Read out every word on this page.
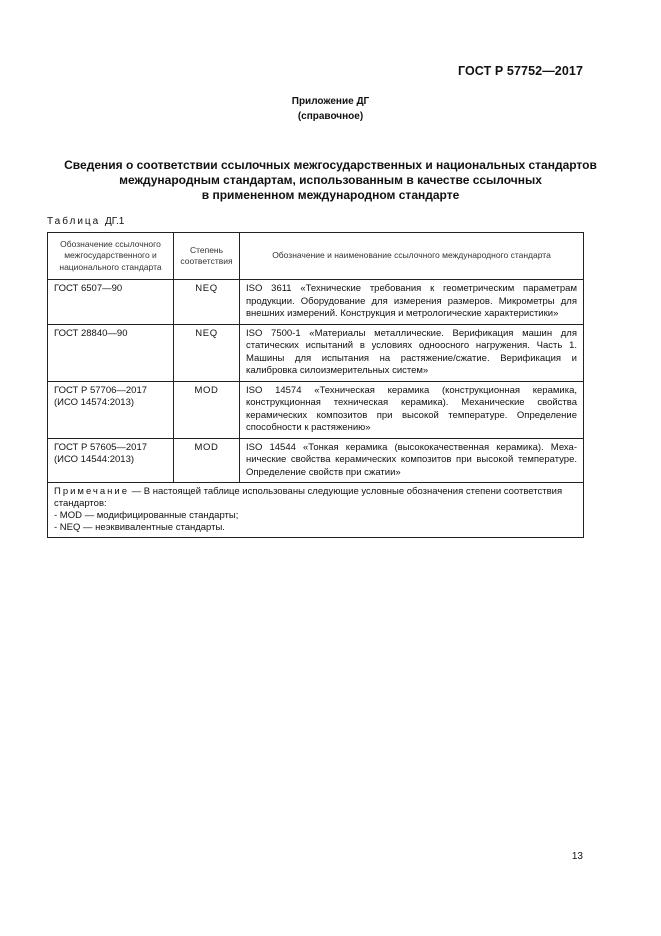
ГОСТ Р 57752—2017
Приложение ДГ
(справочное)
Сведения о соответствии ссылочных межгосударственных и национальных стандартов
международным стандартам, использованным в качестве ссылочных
в примененном международном стандарте
Таблица ДГ.1
Обозначение ссылочного межгосударственного и национального стандарта	Степень соответствия	Обозначение и наименование ссылочного международного стандарта

ГОСТ 6507—90	NEQ	ISO 3611 «Технические требования к геометрическим параметрам продукции. Оборудование для измерения размеров. Микрометры для внешних измерений. Конструкция и метрологические характеристики»

ГОСТ 28840—90	NEQ	ISO 7500-1 «Материалы металлические. Верификация машин для статических испытаний в условиях одноосного нагружения. Часть 1. Машины для испытания на растяжение/сжатие. Верификация и калибровка силоизмерительных систем»

ГОСТ Р 57706—2017
(ИСО 14574:2013)	MOD	ISO 14574 «Техническая керамика (конструкционная керамика, конструкционная техническая керамика). Механические свойства керамических композитов при высокой температуре. Определение способности к растяжению»

ГОСТ Р 57605—2017
(ИСО 14544:2013)	MOD	ISO 14544 «Тонкая керамика (высококачественная керамика). Механические свойства керамических композитов при высокой температуре. Определение свойств при сжатии»

Примечание — В настоящей таблице использованы следующие условные обозначения степени соответствия стандартов:
- MOD — модифицированные стандарты;
- NEQ — неэквивалентные стандарты.		
13
